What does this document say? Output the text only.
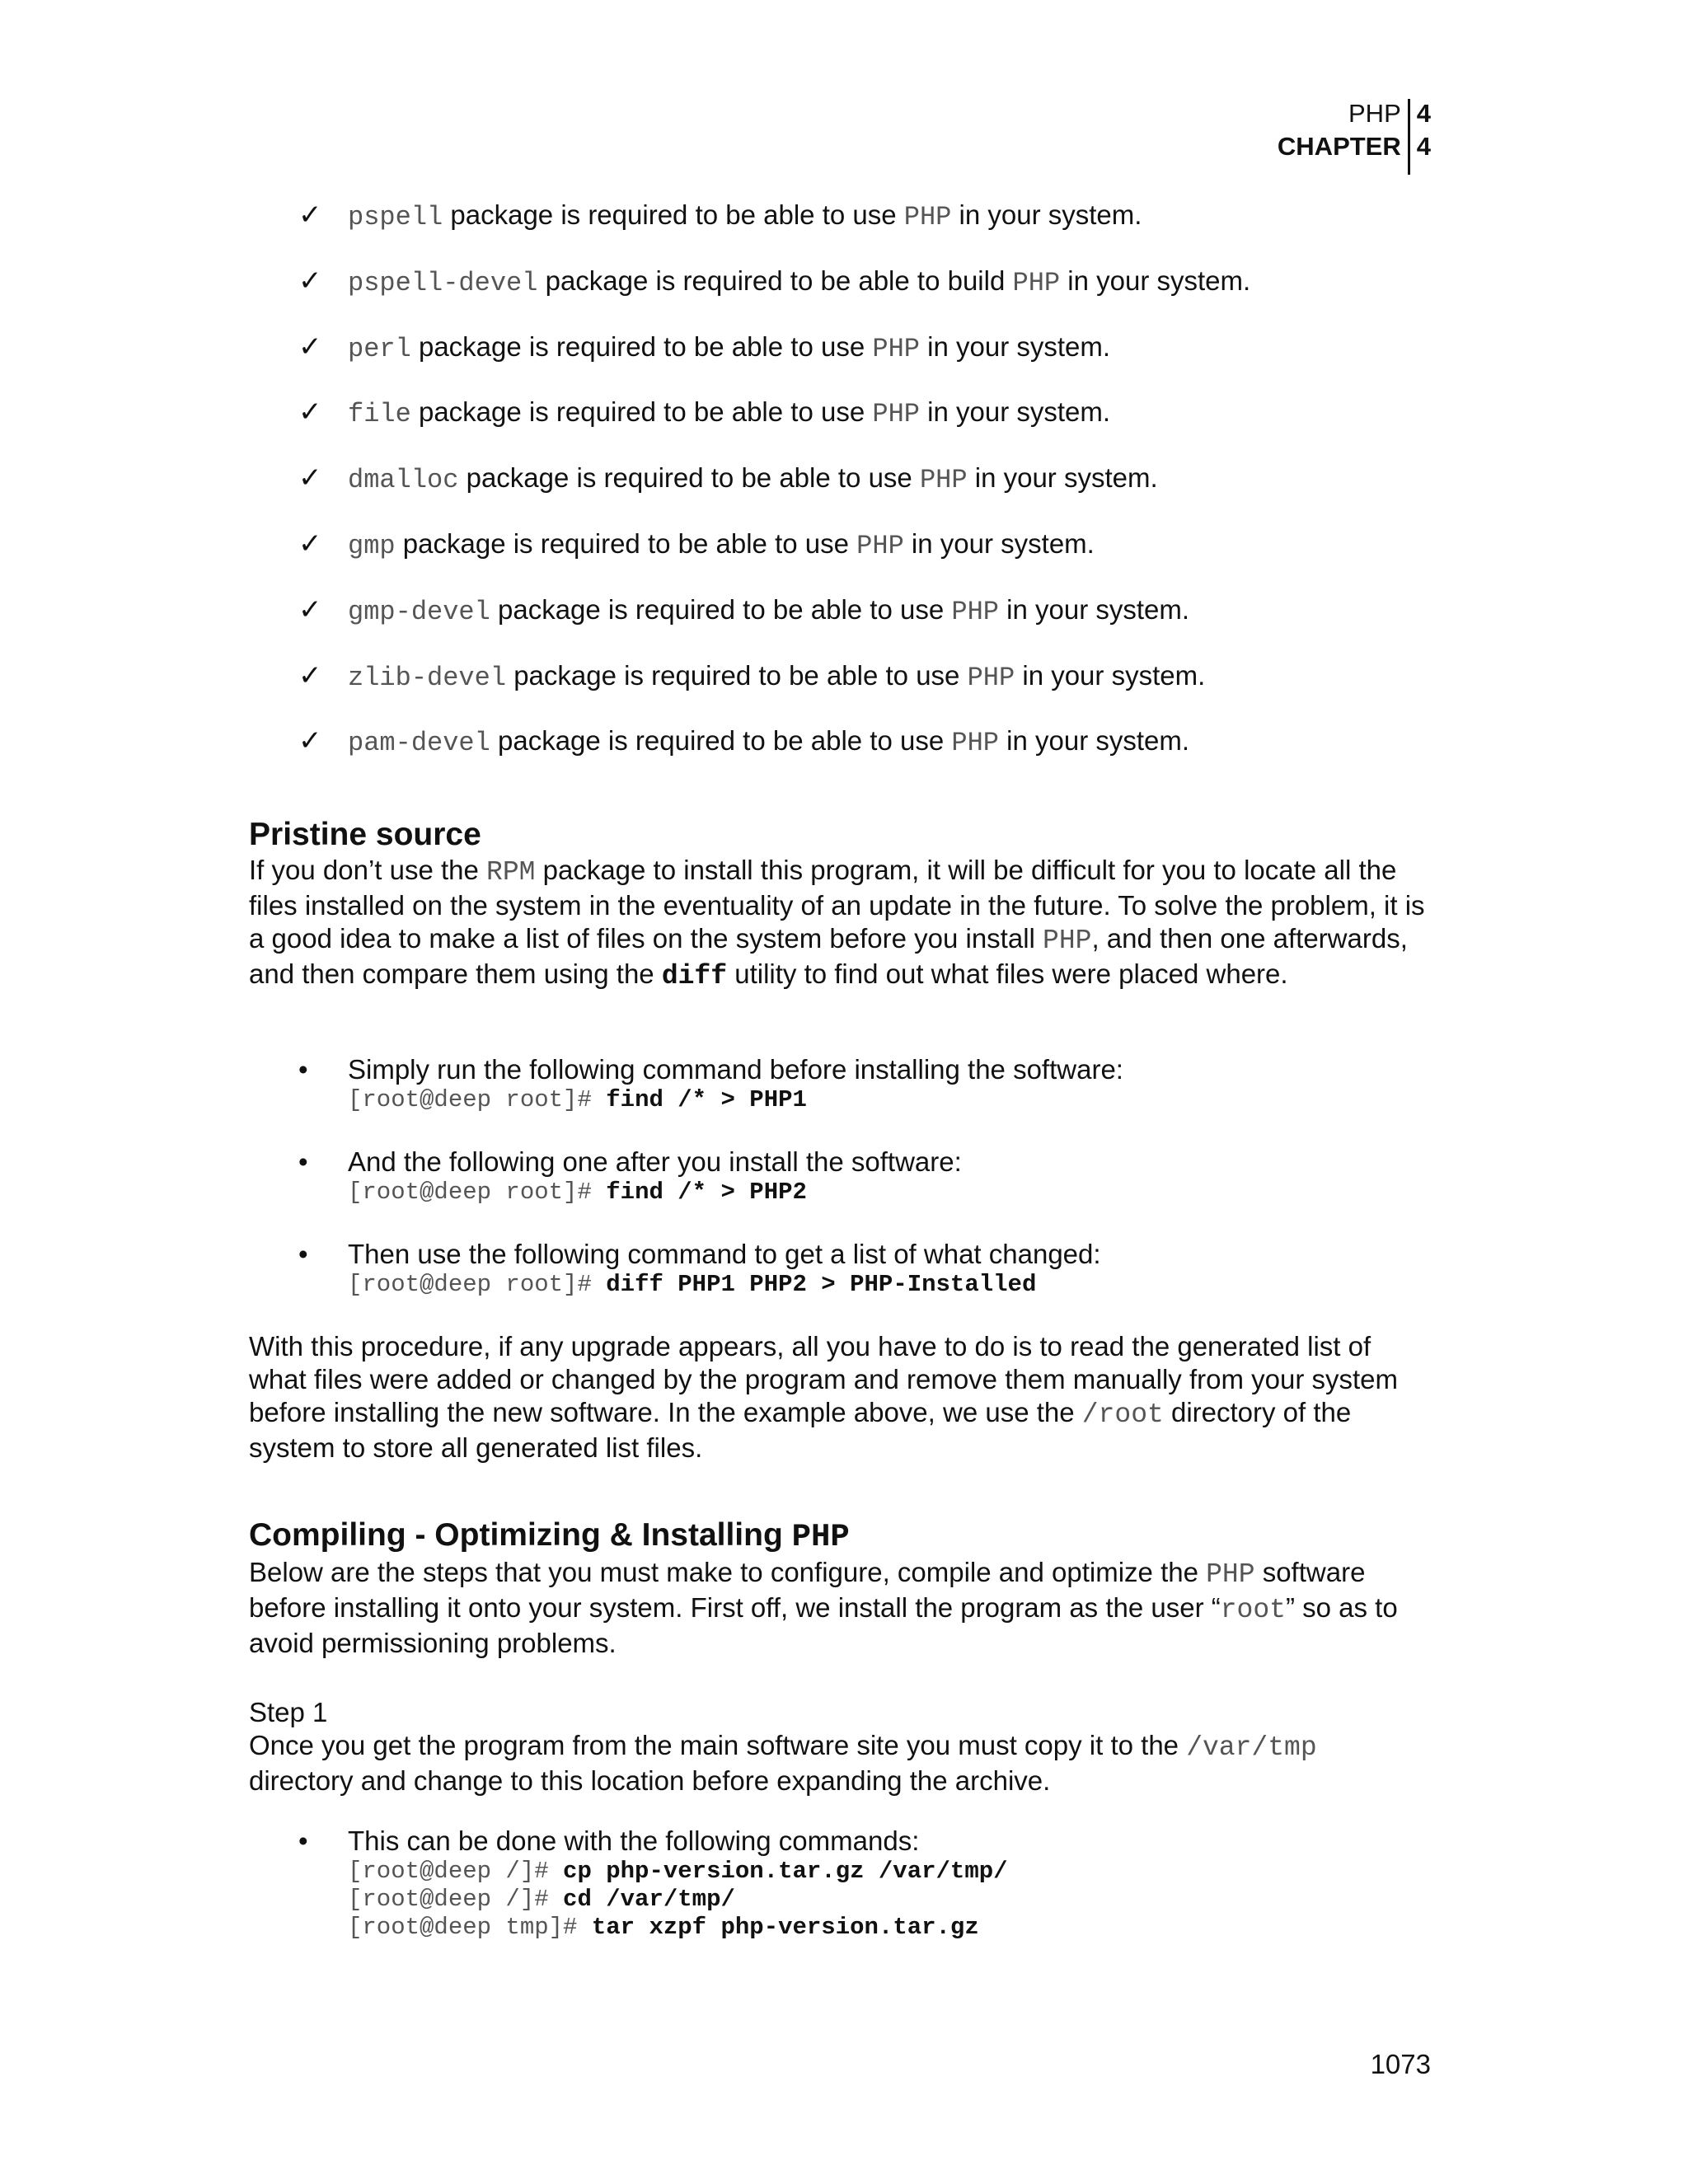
PHP
CHAPTER
4
4
✓ pspell package is required to be able to use PHP in your system.
✓ pspell-devel package is required to be able to build PHP in your system.
✓ perl package is required to be able to use PHP in your system.
✓ file package is required to be able to use PHP in your system.
✓ dmalloc package is required to be able to use PHP in your system.
✓ gmp package is required to be able to use PHP in your system.
✓ gmp-devel package is required to be able to use PHP in your system.
✓ zlib-devel package is required to be able to use PHP in your system.
✓ pam-devel package is required to be able to use PHP in your system.
Pristine source

If you don’t use the RPM package to install this program, it will be difficult for you to locate all the files installed on the system in the eventuality of an update in the future. To solve the problem, it is a good idea to make a list of files on the system before you install PHP, and then one afterwards, and then compare them using the diff utility to find out what files were placed where.

• Simply run the following command before installing the software:
[root@deep root]# find /* > PHP1
• And the following one after you install the software:
[root@deep root]# find /* > PHP2
• Then use the following command to get a list of what changed:
[root@deep root]# diff PHP1 PHP2 > PHP-Installed

With this procedure, if any upgrade appears, all you have to do is to read the generated list of what files were added or changed by the program and remove them manually from your system before installing the new software. In the example above, we use the /root directory of the system to store all generated list files.

Compiling - Optimizing & Installing PHP

Below are the steps that you must make to configure, compile and optimize the PHP software before installing it onto your system. First off, we install the program as the user “root” so as to avoid permissioning problems.

Step 1

Once you get the program from the main software site you must copy it to the /var/tmp directory and change to this location before expanding the archive.

• This can be done with the following commands:
[root@deep /]# cp php-version.tar.gz /var/tmp/
[root@deep /]# cd /var/tmp/
[root@deep tmp]# tar xzpf php-version.tar.gz
1073
